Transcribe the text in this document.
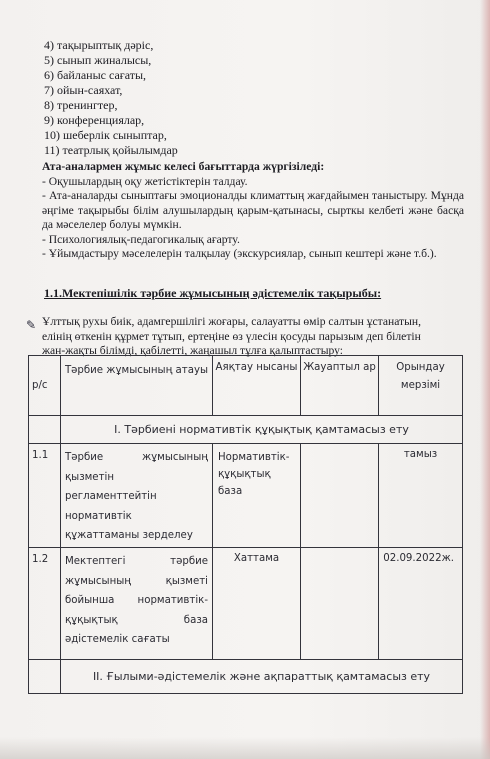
4) тақырыптық дәріс,
5) сынып жиналысы,
6) байланыс сағаты,
7) ойын-саяхат,
8) тренингтер,
9) конференциялар,
10) шеберлік сыныптар,
11) театрлық қойылымдар
Ата-аналармен жұмыс келесі бағыттарда жүргізіледі:
- Оқушылардың оқу жетістіктерін талдау.
- Ата-аналарды сыныптағы эмоционалды климаттың жағдайымен таныстыру. Мұнда әңгіме тақырыбы білім алушылардың қарым-қатынасы, сырткы келбеті және басқа да мәселелер болуы мүмкін.
- Психологиялық-педагогикалық ағарту.
- Ұйымдастыру мәселелерін талқылау (экскурсиялар, сынып кештері және т.б.).
1.1.Мектепішілік тәрбие жұмысының әдістемелік тақырыбы:
✎ Ұлттық рухы биік, адамгершілігі жоғары, салауатты өмір салтын ұстанатын,
елінің өткенін құрмет тұтып, ертеңіне өз үлесін қосуды парызым деп білетін
жан-жақты білімді, қабілетті, жаңашыл тұлға қалыптастыру:
р/с	Тәрбие жұмысының атауы	Аяқтау нысаны	Жауаптыл ар	Орындау мерзімі
	I. Тәрбиені нормативтік құқықтық қамтамасыз ету			
1.1	Тәрбие жұмысының
қызметін
регламенттейтін
нормативтік
құжаттаманы зерделеу	Нормативтік-құқықтық база		тамыз
1.2	Мектептегі тәрбие
жұмысының қызметі
бойынша нормативтік-
құқықтық база
әдістемелік сағаты	Хаттама		02.09.2022ж.
	II. Ғылыми-әдістемелік және ақпараттық қамтамасыз ету			
